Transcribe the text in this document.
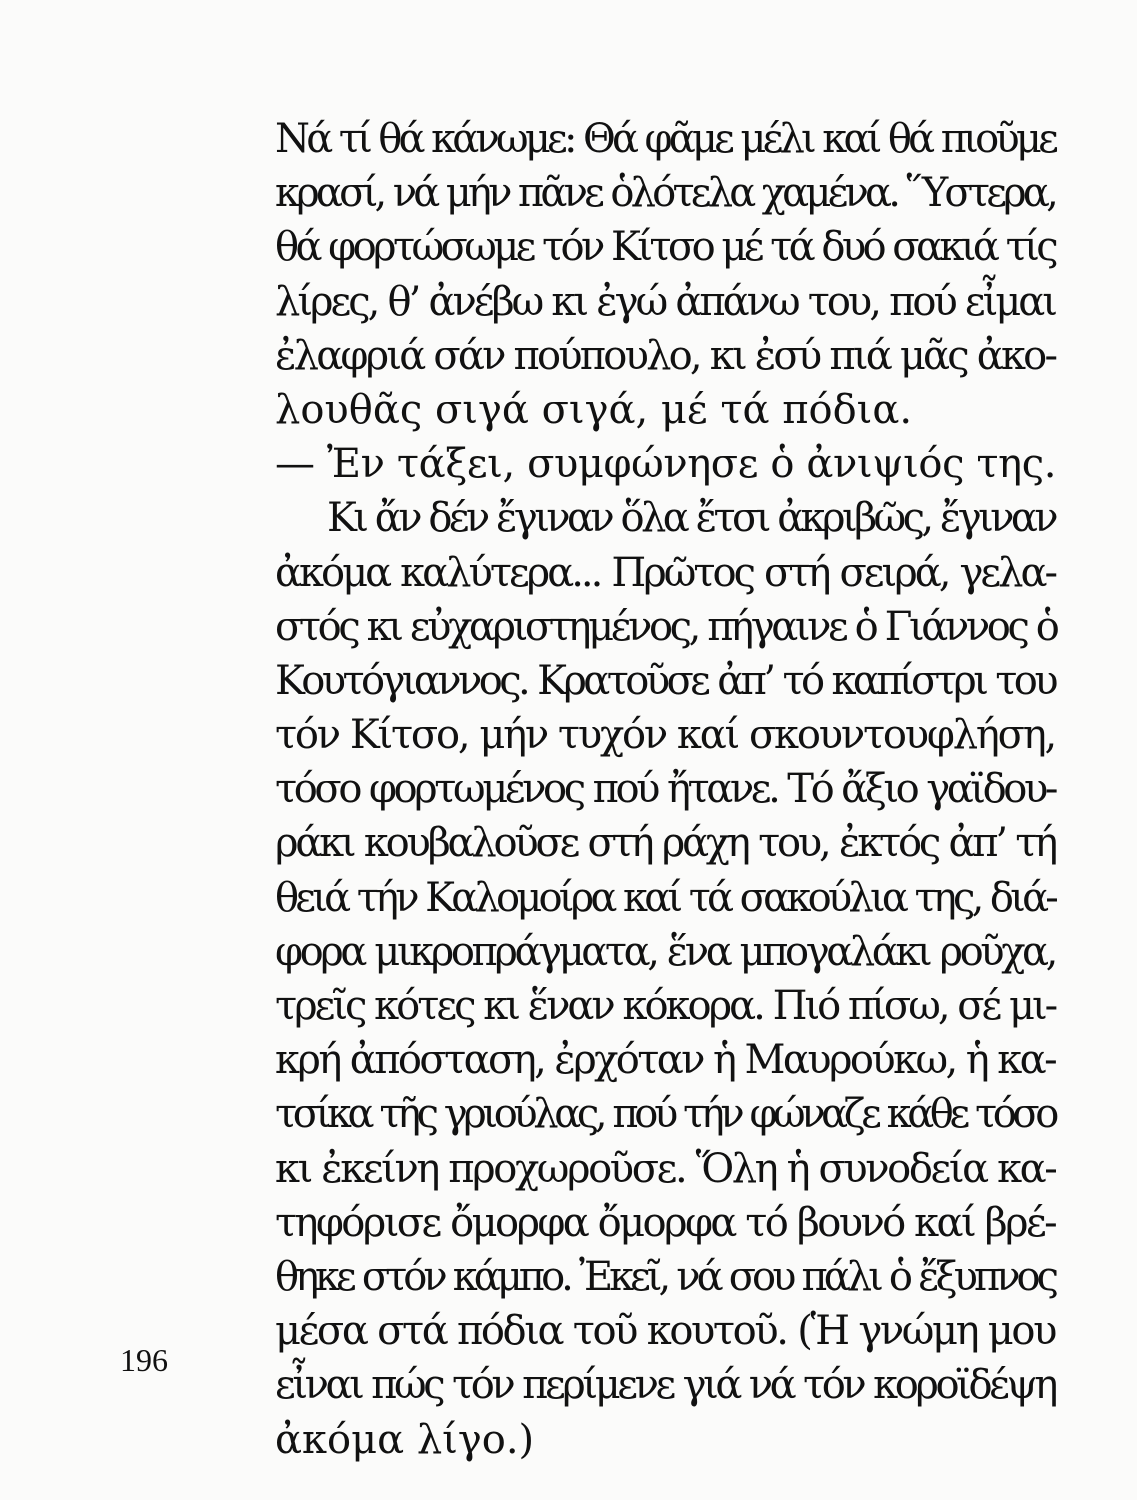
Νά τί θά κάνωμε: Θά φᾶμε μέλι καί θά πιοῦμε
κρασί, νά μήν πᾶνε ὁλότελα χαμένα. Ὕστερα,
θά φορτώσωμε τόν Κίτσο μέ τά δυό σακιά τίς
λίρες, θ’ ἀνέβω κι ἐγώ ἀπάνω του, πού εἶμαι
ἐλαφριά σάν πούπουλο, κι ἐσύ πιά μᾶς ἀκο-
λουθᾶς σιγά σιγά, μέ τά πόδια.
— Ἐν τάξει, συμφώνησε ὁ ἀνιψιός της.
Κι ἄν δέν ἔγιναν ὅλα ἔτσι ἀκριβῶς, ἔγιναν
ἀκόμα καλύτερα... Πρῶτος στή σειρά, γελα-
στός κι εὐχαριστημένος, πήγαινε ὁ Γιάννος ὁ
Κουτόγιαννος. Κρατοῦσε ἀπ’ τό καπίστρι του
τόν Κίτσο, μήν τυχόν καί σκουντουφλήση,
τόσο φορτωμένος πού ἤτανε. Τό ἄξιο γαϊδου-
ράκι κουβαλοῦσε στή ράχη του, ἐκτός ἀπ’ τή
θειά τήν Καλομοίρα καί τά σακούλια της, διά-
φορα μικροπράγματα, ἕνα μπογαλάκι ροῦχα,
τρεῖς κότες κι ἕναν κόκορα. Πιό πίσω, σέ μι-
κρή ἀπόσταση, ἐρχόταν ἡ Μαυρούκω, ἡ κα-
τσίκα τῆς γριούλας, πού τήν φώναζε κάθε τόσο
κι ἐκείνη προχωροῦσε. Ὅλη ἡ συνοδεία κα-
τηφόρισε ὄμορφα ὄμορφα τό βουνό καί βρέ-
θηκε στόν κάμπο. Ἐκεῖ, νά σου πάλι ὁ ἔξυπνος
μέσα στά πόδια τοῦ κουτοῦ. (Ἡ γνώμη μου
εἶναι πώς τόν περίμενε γιά νά τόν κοροϊδέψη
ἀκόμα λίγο.)
196
